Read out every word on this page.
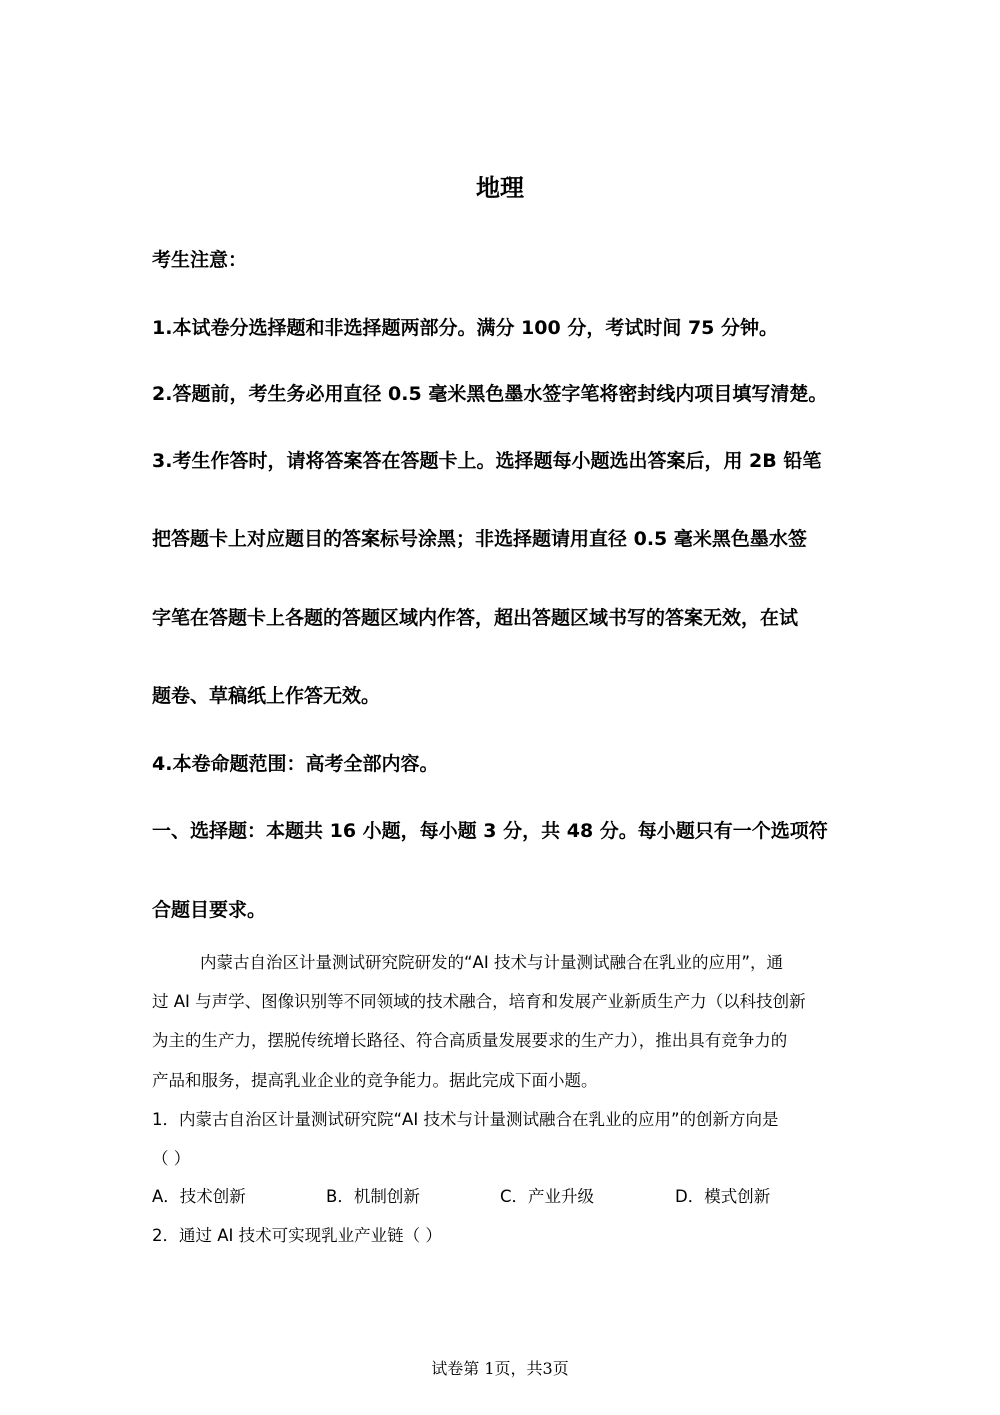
地理
考生注意：
1.本试卷分选择题和非选择题两部分。满分 100 分，考试时间 75 分钟。
2.答题前，考生务必用直径 0.5 毫米黑色墨水签字笔将密封线内项目填写清楚。
3.考生作答时，请将答案答在答题卡上。选择题每小题选出答案后，用 2B 铅笔
把答题卡上对应题目的答案标号涂黑；非选择题请用直径 0.5 毫米黑色墨水签
字笔在答题卡上各题的答题区域内作答，超出答题区域书写的答案无效，在试
题卷、草稿纸上作答无效。
4.本卷命题范围：高考全部内容。
一、选择题：本题共 16 小题，每小题 3 分，共 48 分。每小题只有一个选项符
合题目要求。
内蒙古自治区计量测试研究院研发的“AI 技术与计量测试融合在乳业的应用”，通
过 AI 与声学、图像识别等不同领域的技术融合，培育和发展产业新质生产力（以科技创新
为主的生产力，摆脱传统增长路径、符合高质量发展要求的生产力），推出具有竞争力的
产品和服务，提高乳业企业的竞争能力。据此完成下面小题。
1．内蒙古自治区计量测试研究院“AI 技术与计量测试融合在乳业的应用”的创新方向是
（ ）
A．技术创新	B．机制创新	C．产业升级	D．模式创新
2．通过 AI 技术可实现乳业产业链（ ）
试卷第 1页，共3页
